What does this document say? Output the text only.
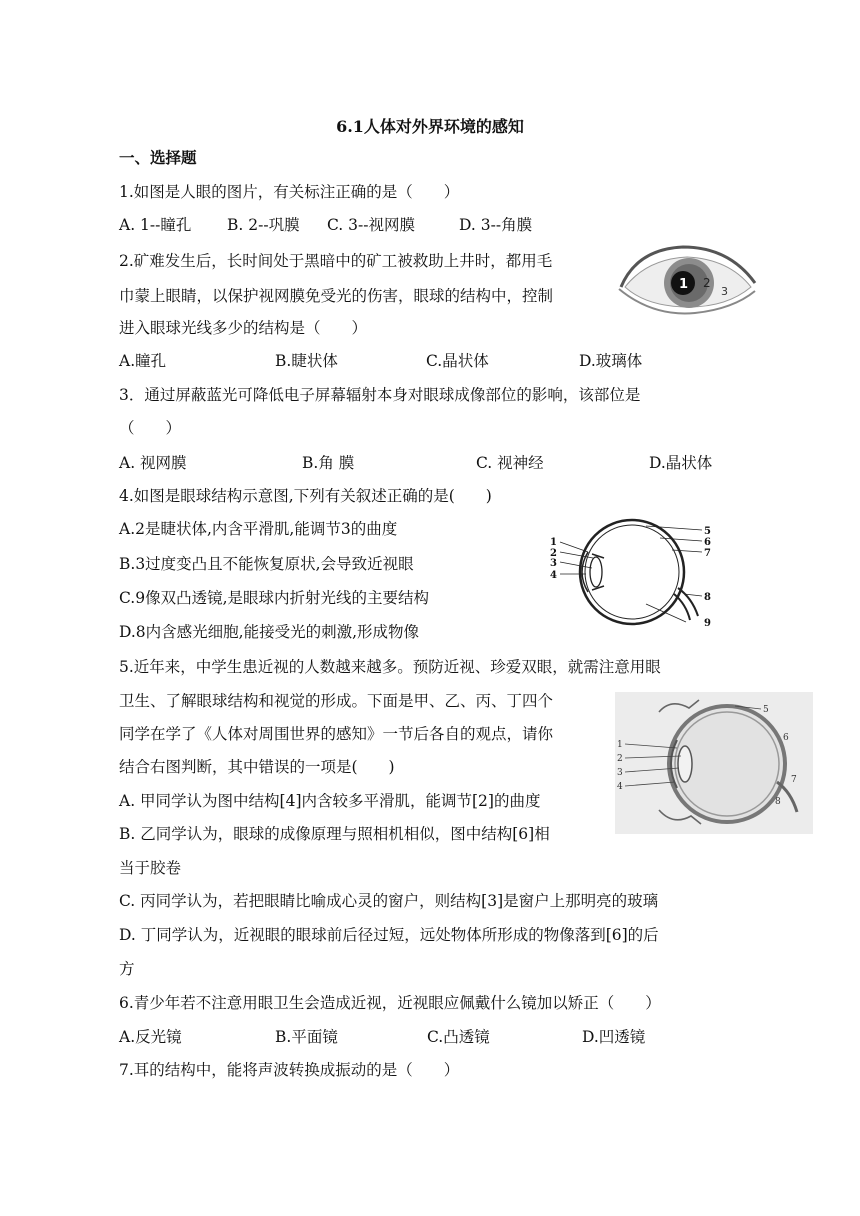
6.1人体对外界环境的感知
一、选择题
1.如图是人眼的图片，有关标注正确的是（　　）
A. 1--瞳孔	B. 2--巩膜	C. 3--视网膜	D. 3--角膜
2.矿难发生后，长时间处于黑暗中的矿工被救助上井时，都用毛
巾蒙上眼睛，以保护视网膜免受光的伤害，眼球的结构中，控制
进入眼球光线多少的结构是（　　）
A.瞳孔	B.睫状体	C.晶状体	D.玻璃体
1 2
3
3．通过屏蔽蓝光可降低电子屏幕辐射本身对眼球成像部位的影响，该部位是
（　　）
A. 视网膜	B.角 膜	C. 视神经	D.晶状体
4.如图是眼球结构示意图,下列有关叙述正确的是(　　)
A.2是睫状体,内含平滑肌,能调节3的曲度
B.3过度变凸且不能恢复原状,会导致近视眼
C.9像双凸透镜,是眼球内折射光线的主要结构
D.8内含感光细胞,能接受光的刺激,形成物像
1
2
3
4
5
6
7
8
9
5.近年来，中学生患近视的人数越来越多。预防近视、珍爱双眼，就需注意用眼
卫生、了解眼球结构和视觉的形成。下面是甲、乙、丙、丁四个
同学在学了《人体对周围世界的感知》一节后各自的观点，请你
结合右图判断，其中错误的一项是(　　)
A. 甲同学认为图中结构[4]内含较多平滑肌，能调节[2]的曲度
B. 乙同学认为，眼球的成像原理与照相机相似，图中结构[6]相
当于胶卷
C. 丙同学认为，若把眼睛比喻成心灵的窗户，则结构[3]是窗户上那明亮的玻璃
D. 丁同学认为，近视眼的眼球前后径过短，远处物体所形成的物像落到[6]的后
方
1
2
3
4
5
6
7
8
6.青少年若不注意用眼卫生会造成近视，近视眼应佩戴什么镜加以矫正（　　）
A.反光镜	B.平面镜	C.凸透镜	D.凹透镜
7.耳的结构中，能将声波转换成振动的是（　　）
